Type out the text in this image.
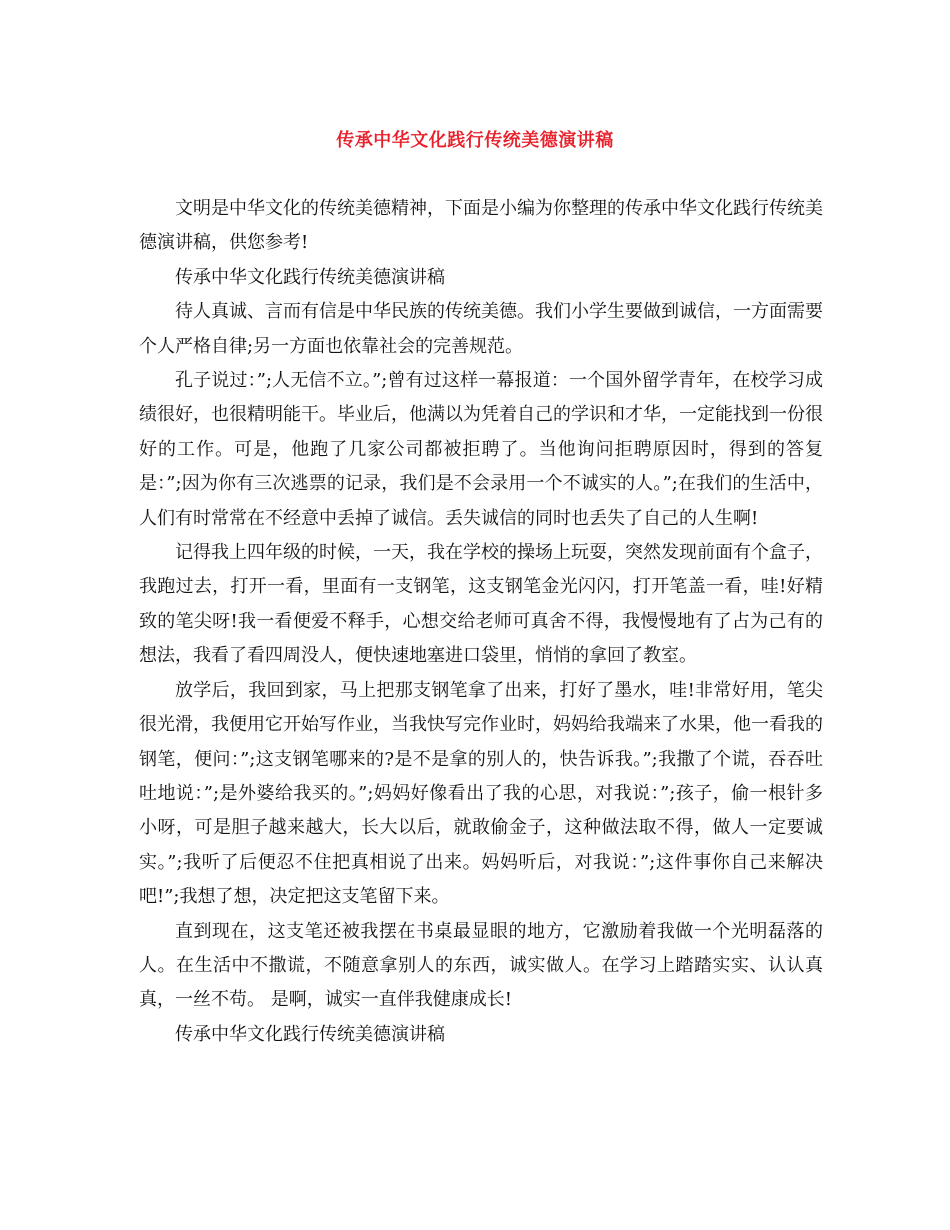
传承中华文化践行传统美德演讲稿

文明是中华文化的传统美德精神，下面是小编为你整理的传承中华文化践行传统美德演讲稿，供您参考!

传承中华文化践行传统美德演讲稿

待人真诚、言而有信是中华民族的传统美德。我们小学生要做到诚信，一方面需要个人严格自律;另一方面也依靠社会的完善规范。

孔子说过：”;人无信不立。”;曾有过这样一幕报道：一个国外留学青年，在校学习成绩很好，也很精明能干。毕业后，他满以为凭着自己的学识和才华，一定能找到一份很好的工作。可是，他跑了几家公司都被拒聘了。当他询问拒聘原因时，得到的答复是：”;因为你有三次逃票的记录，我们是不会录用一个不诚实的人。”;在我们的生活中，人们有时常常在不经意中丢掉了诚信。丢失诚信的同时也丢失了自己的人生啊!

记得我上四年级的时候，一天，我在学校的操场上玩耍，突然发现前面有个盒子，我跑过去，打开一看，里面有一支钢笔，这支钢笔金光闪闪，打开笔盖一看，哇!好精致的笔尖呀!我一看便爱不释手，心想交给老师可真舍不得，我慢慢地有了占为己有的想法，我看了看四周没人，便快速地塞进口袋里，悄悄的拿回了教室。

放学后，我回到家，马上把那支钢笔拿了出来，打好了墨水，哇!非常好用，笔尖很光滑，我便用它开始写作业，当我快写完作业时，妈妈给我端来了水果，他一看我的钢笔，便问：”;这支钢笔哪来的?是不是拿的别人的，快告诉我。”;我撒了个谎，吞吞吐吐地说：”;是外婆给我买的。”;妈妈好像看出了我的心思，对我说：”;孩子，偷一根针多小呀，可是胆子越来越大，长大以后，就敢偷金子，这种做法取不得，做人一定要诚实。”;我听了后便忍不住把真相说了出来。妈妈听后，对我说：”;这件事你自己来解决吧!”;我想了想，决定把这支笔留下来。

直到现在，这支笔还被我摆在书桌最显眼的地方，它激励着我做一个光明磊落的人。在生活中不撒谎，不随意拿别人的东西，诚实做人。在学习上踏踏实实、认认真真，一丝不苟。 是啊，诚实一直伴我健康成长!

传承中华文化践行传统美德演讲稿
